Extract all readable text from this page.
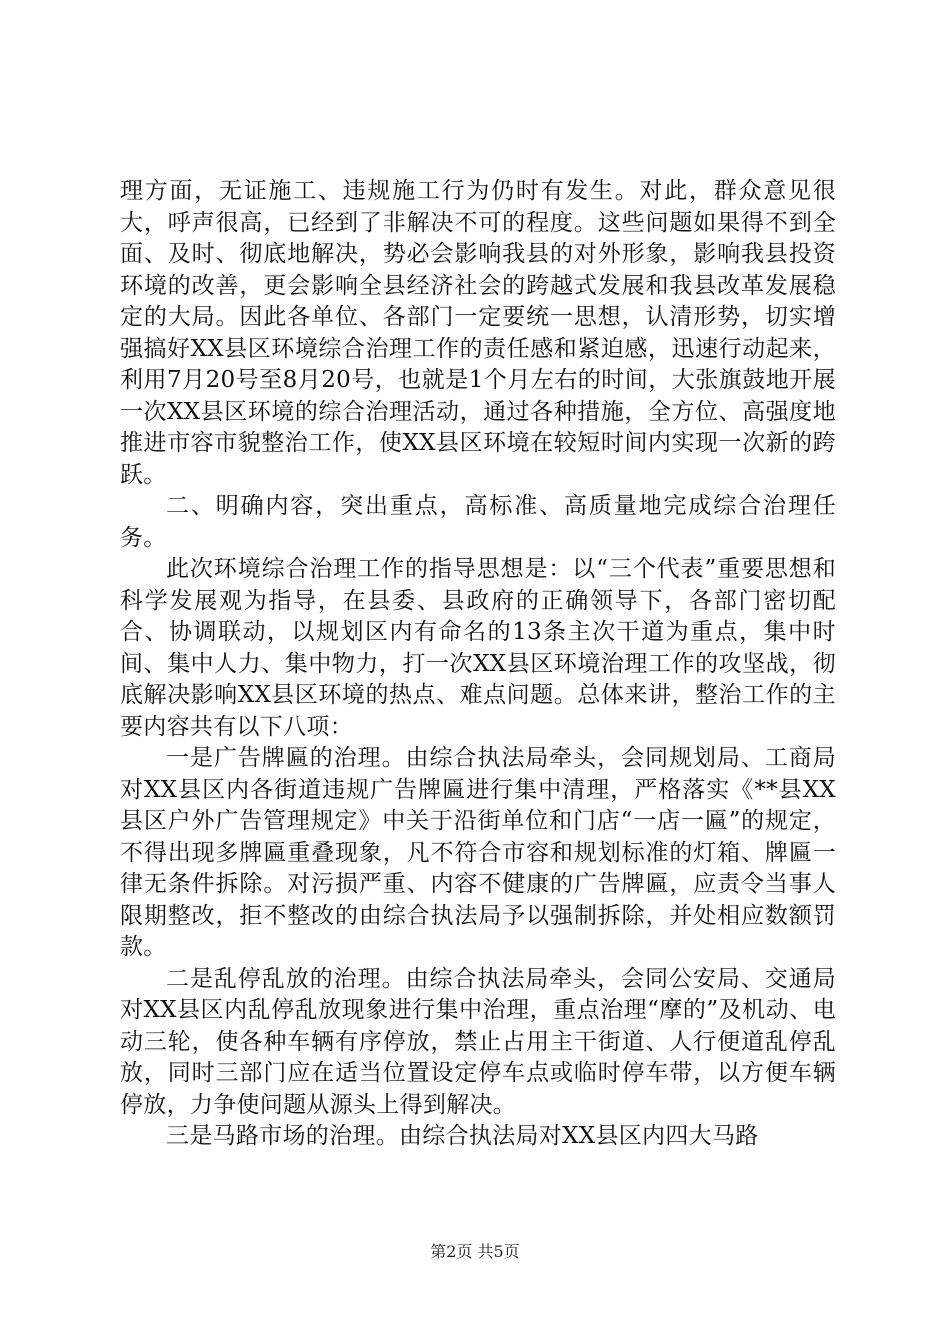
理方面，无证施工、违规施工行为仍时有发生。对此，群众意见很大，呼声很高，已经到了非解决不可的程度。这些问题如果得不到全面、及时、彻底地解决，势必会影响我县的对外形象，影响我县投资环境的改善，更会影响全县经济社会的跨越式发展和我县改革发展稳定的大局。因此各单位、各部门一定要统一思想，认清形势，切实增强搞好XX县区环境综合治理工作的责任感和紧迫感，迅速行动起来，利用7月20号至8月20号，也就是1个月左右的时间，大张旗鼓地开展一次XX县区环境的综合治理活动，通过各种措施，全方位、高强度地推进市容市貌整治工作，使XX县区环境在较短时间内实现一次新的跨跃。

二、明确内容，突出重点，高标准、高质量地完成综合治理任务。

此次环境综合治理工作的指导思想是：以“三个代表”重要思想和科学发展观为指导，在县委、县政府的正确领导下，各部门密切配合、协调联动，以规划区内有命名的13条主次干道为重点，集中时间、集中人力、集中物力，打一次XX县区环境治理工作的攻坚战，彻底解决影响XX县区环境的热点、难点问题。总体来讲，整治工作的主要内容共有以下八项：

一是广告牌匾的治理。由综合执法局牵头，会同规划局、工商局对XX县区内各街道违规广告牌匾进行集中清理，严格落实《**县XX县区户外广告管理规定》中关于沿街单位和门店“一店一匾”的规定，不得出现多牌匾重叠现象，凡不符合市容和规划标准的灯箱、牌匾一律无条件拆除。对污损严重、内容不健康的广告牌匾，应责令当事人限期整改，拒不整改的由综合执法局予以强制拆除，并处相应数额罚款。

二是乱停乱放的治理。由综合执法局牵头，会同公安局、交通局对XX县区内乱停乱放现象进行集中治理，重点治理“摩的”及机动、电动三轮，使各种车辆有序停放，禁止占用主干街道、人行便道乱停乱放，同时三部门应在适当位置设定停车点或临时停车带，以方便车辆停放，力争使问题从源头上得到解决。

三是马路市场的治理。由综合执法局对XX县区内四大马路

第2页 共5页
